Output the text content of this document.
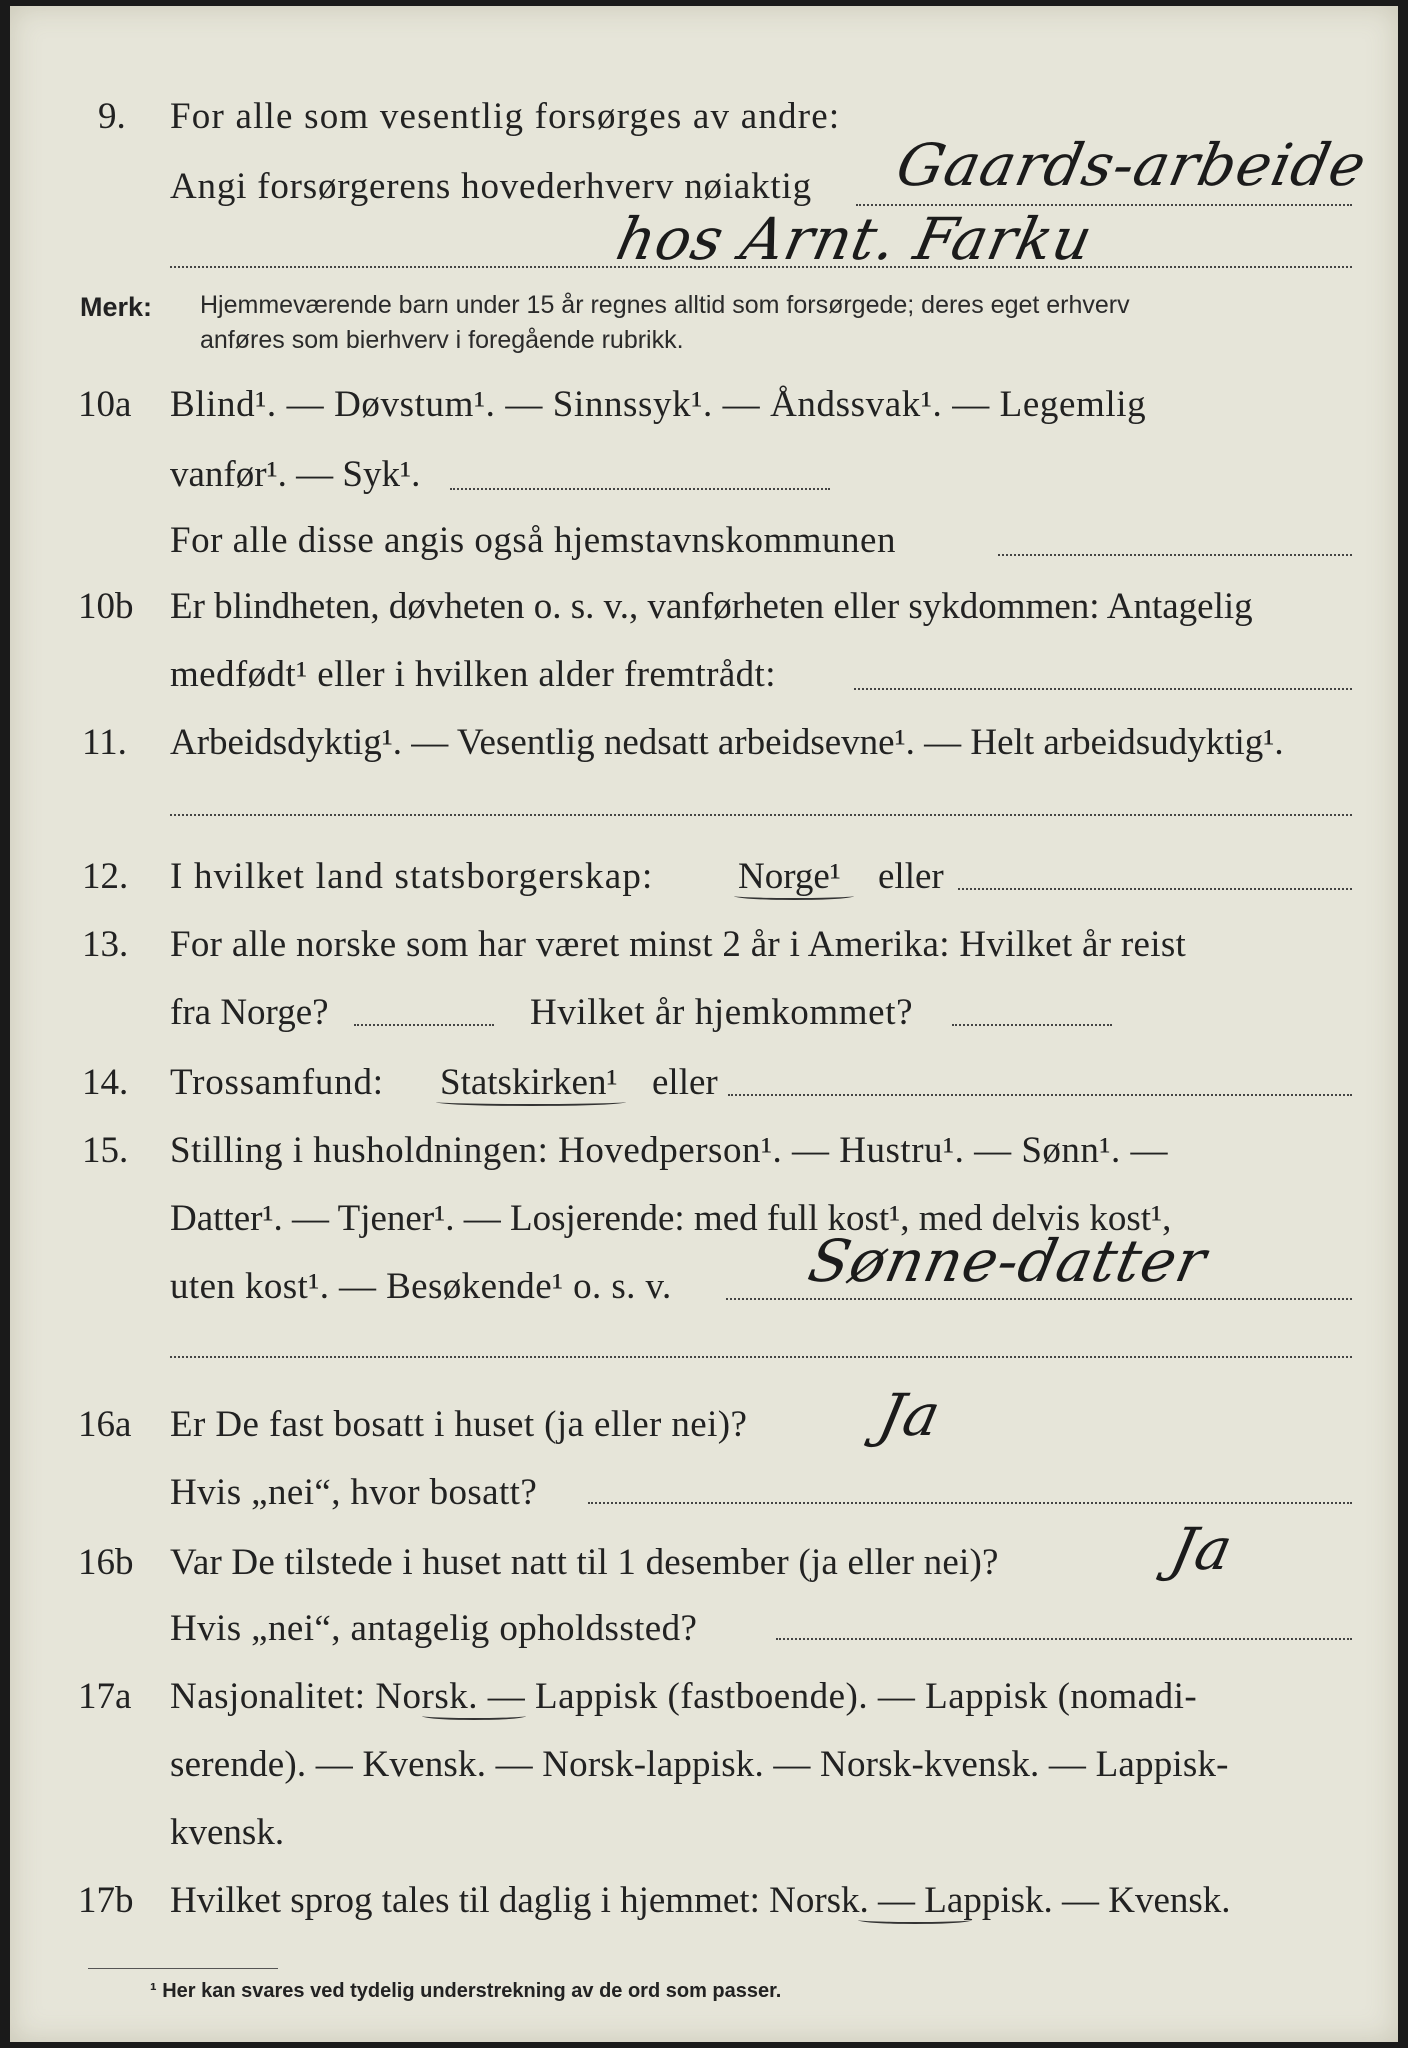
9. For alle som vesentlig forsørges av andre:
Angi forsørgerens hovederhverv nøiaktig Gaards-arbeide
hos Arnt. Farku
Merk: Hjemmeværende barn under 15 år regnes alltid som forsørgede; deres eget erhverv
anføres som bierhverv i foregående rubrikk.
10a Blind¹. — Døvstum¹. — Sinnssyk¹. — Åndssvak¹. — Legemlig
vanfør¹. — Syk¹.
For alle disse angis også hjemstavnskommunen
10b Er blindheten, døvheten o. s. v., vanførheten eller sykdommen: Antagelig
medfødt¹ eller i hvilken alder fremtrådt:
11. Arbeidsdyktig¹. — Vesentlig nedsatt arbeidsevne¹. — Helt arbeidsudyktig¹.
12. I hvilket land statsborgerskap: Norge¹ eller
13. For alle norske som har været minst 2 år i Amerika: Hvilket år reist
fra Norge?	Hvilket år hjemkommet?
14. Trossamfund: Statskirken¹ eller
15. Stilling i husholdningen: Hovedperson¹. — Hustru¹. — Sønn¹. —
Datter¹. — Tjener¹. — Losjerende: med full kost¹, med delvis kost¹,
uten kost¹. — Besøkende¹ o. s. v. Sønne-datter
16a Er De fast bosatt i huset (ja eller nei)? Ja
Hvis „nei“, hvor bosatt?
16b Var De tilstede i huset natt til 1 desember (ja eller nei)?	Ja
Hvis „nei“, antagelig opholdssted?
17a Nasjonalitet: Norsk. — Lappisk (fastboende). — Lappisk (nomadi-
serende). — Kvensk. — Norsk-lappisk. — Norsk-kvensk. — Lappisk-
kvensk.
17b Hvilket sprog tales til daglig i hjemmet: Norsk. — Lappisk. — Kvensk.
¹ Her kan svares ved tydelig understrekning av de ord som passer.
